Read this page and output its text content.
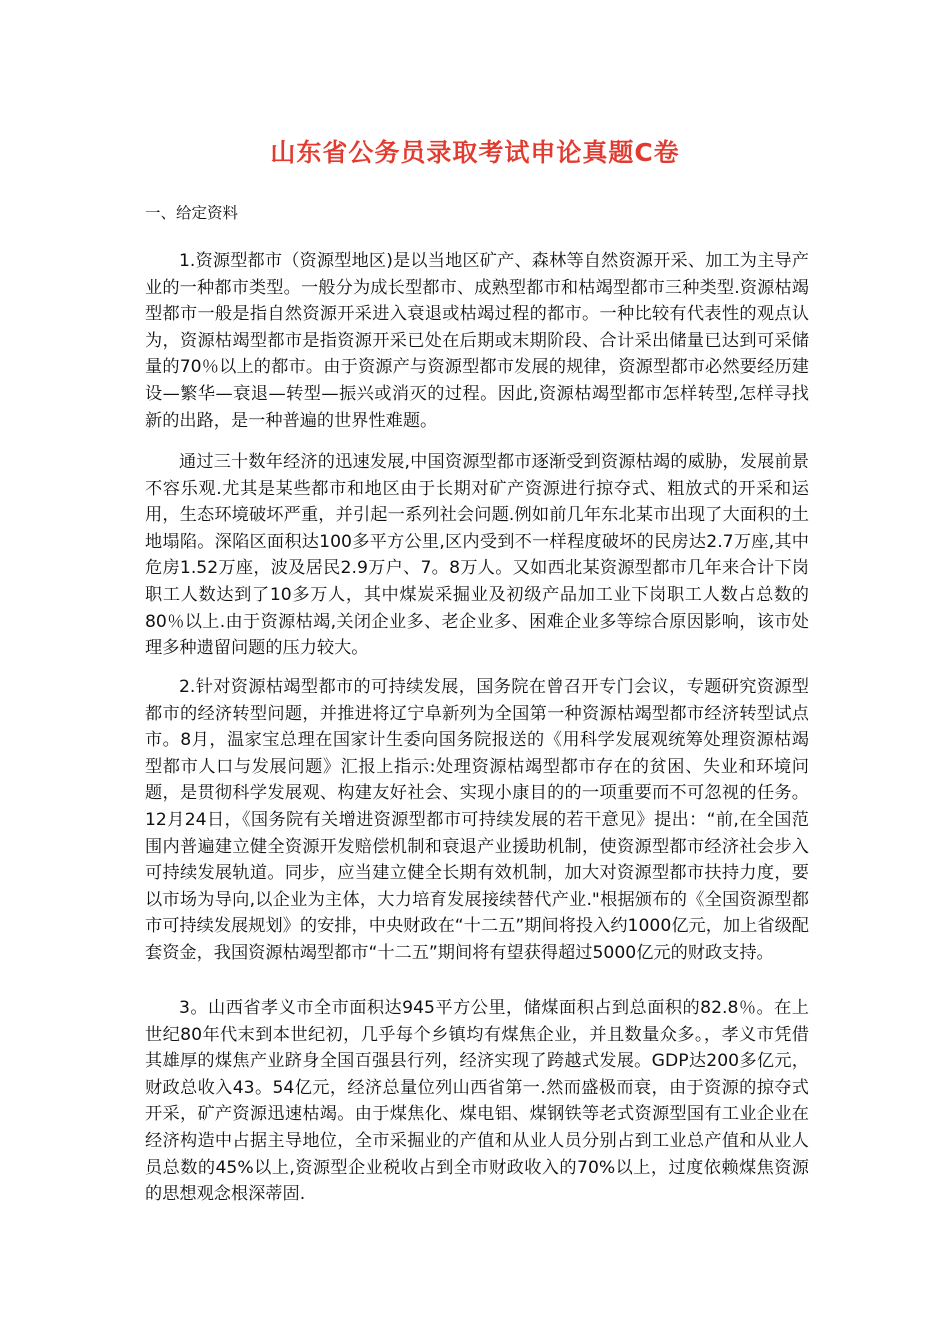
山东省公务员录取考试申论真题C卷

一、给定资料

1.资源型都市（资源型地区)是以当地区矿产、森林等自然资源开采、加工为主导产业的一种都市类型。一般分为成长型都市、成熟型都市和枯竭型都市三种类型.资源枯竭型都市一般是指自然资源开采进入衰退或枯竭过程的都市。一种比较有代表性的观点认为，资源枯竭型都市是指资源开采已处在后期或末期阶段、合计采出储量已达到可采储量的70％以上的都市。由于资源产与资源型都市发展的规律，资源型都市必然要经历建设—繁华—衰退—转型—振兴或消灭的过程。因此,资源枯竭型都市怎样转型,怎样寻找新的出路，是一种普遍的世界性难题。

通过三十数年经济的迅速发展,中国资源型都市逐渐受到资源枯竭的威胁，发展前景不容乐观.尤其是某些都市和地区由于长期对矿产资源进行掠夺式、粗放式的开采和运用，生态环境破坏严重，并引起一系列社会问题.例如前几年东北某市出现了大面积的土地塌陷。深陷区面积达100多平方公里,区内受到不一样程度破坏的民房达2.7万座,其中危房1.52万座，波及居民2.9万户、7。8万人。又如西北某资源型都市几年来合计下岗职工人数达到了10多万人，其中煤炭采掘业及初级产品加工业下岗职工人数占总数的80％以上.由于资源枯竭,关闭企业多、老企业多、困难企业多等综合原因影响，该市处理多种遗留问题的压力较大。

2.针对资源枯竭型都市的可持续发展，国务院在曾召开专门会议，专题研究资源型都市的经济转型问题，并推进将辽宁阜新列为全国第一种资源枯竭型都市经济转型试点市。8月，温家宝总理在国家计生委向国务院报送的《用科学发展观统筹处理资源枯竭型都市人口与发展问题》汇报上指示:处理资源枯竭型都市存在的贫困、失业和环境问题，是贯彻科学发展观、构建友好社会、实现小康目的的一项重要而不可忽视的任务。12月24日，《国务院有关增进资源型都市可持续发展的若干意见》提出：“前,在全国范围内普遍建立健全资源开发赔偿机制和衰退产业援助机制，使资源型都市经济社会步入可持续发展轨道。同步，应当建立健全长期有效机制，加大对资源型都市扶持力度，要以市场为导向,以企业为主体，大力培育发展接续替代产业."根据颁布的《全国资源型都市可持续发展规划》的安排，中央财政在“十二五”期间将投入约1000亿元，加上省级配套资金，我国资源枯竭型都市“十二五”期间将有望获得超过5000亿元的财政支持。

3。山西省孝义市全市面积达945平方公里，储煤面积占到总面积的82.8％。在上世纪80年代末到本世纪初，几乎每个乡镇均有煤焦企业，并且数量众多。，孝义市凭借其雄厚的煤焦产业跻身全国百强县行列，经济实现了跨越式发展。GDP达200多亿元，财政总收入43。54亿元，经济总量位列山西省第一.然而盛极而衰，由于资源的掠夺式开采，矿产资源迅速枯竭。由于煤焦化、煤电铝、煤钢铁等老式资源型国有工业企业在经济构造中占据主导地位，全市采掘业的产值和从业人员分别占到工业总产值和从业人员总数的45%以上,资源型企业税收占到全市财政收入的70%以上，过度依赖煤焦资源的思想观念根深蒂固.
